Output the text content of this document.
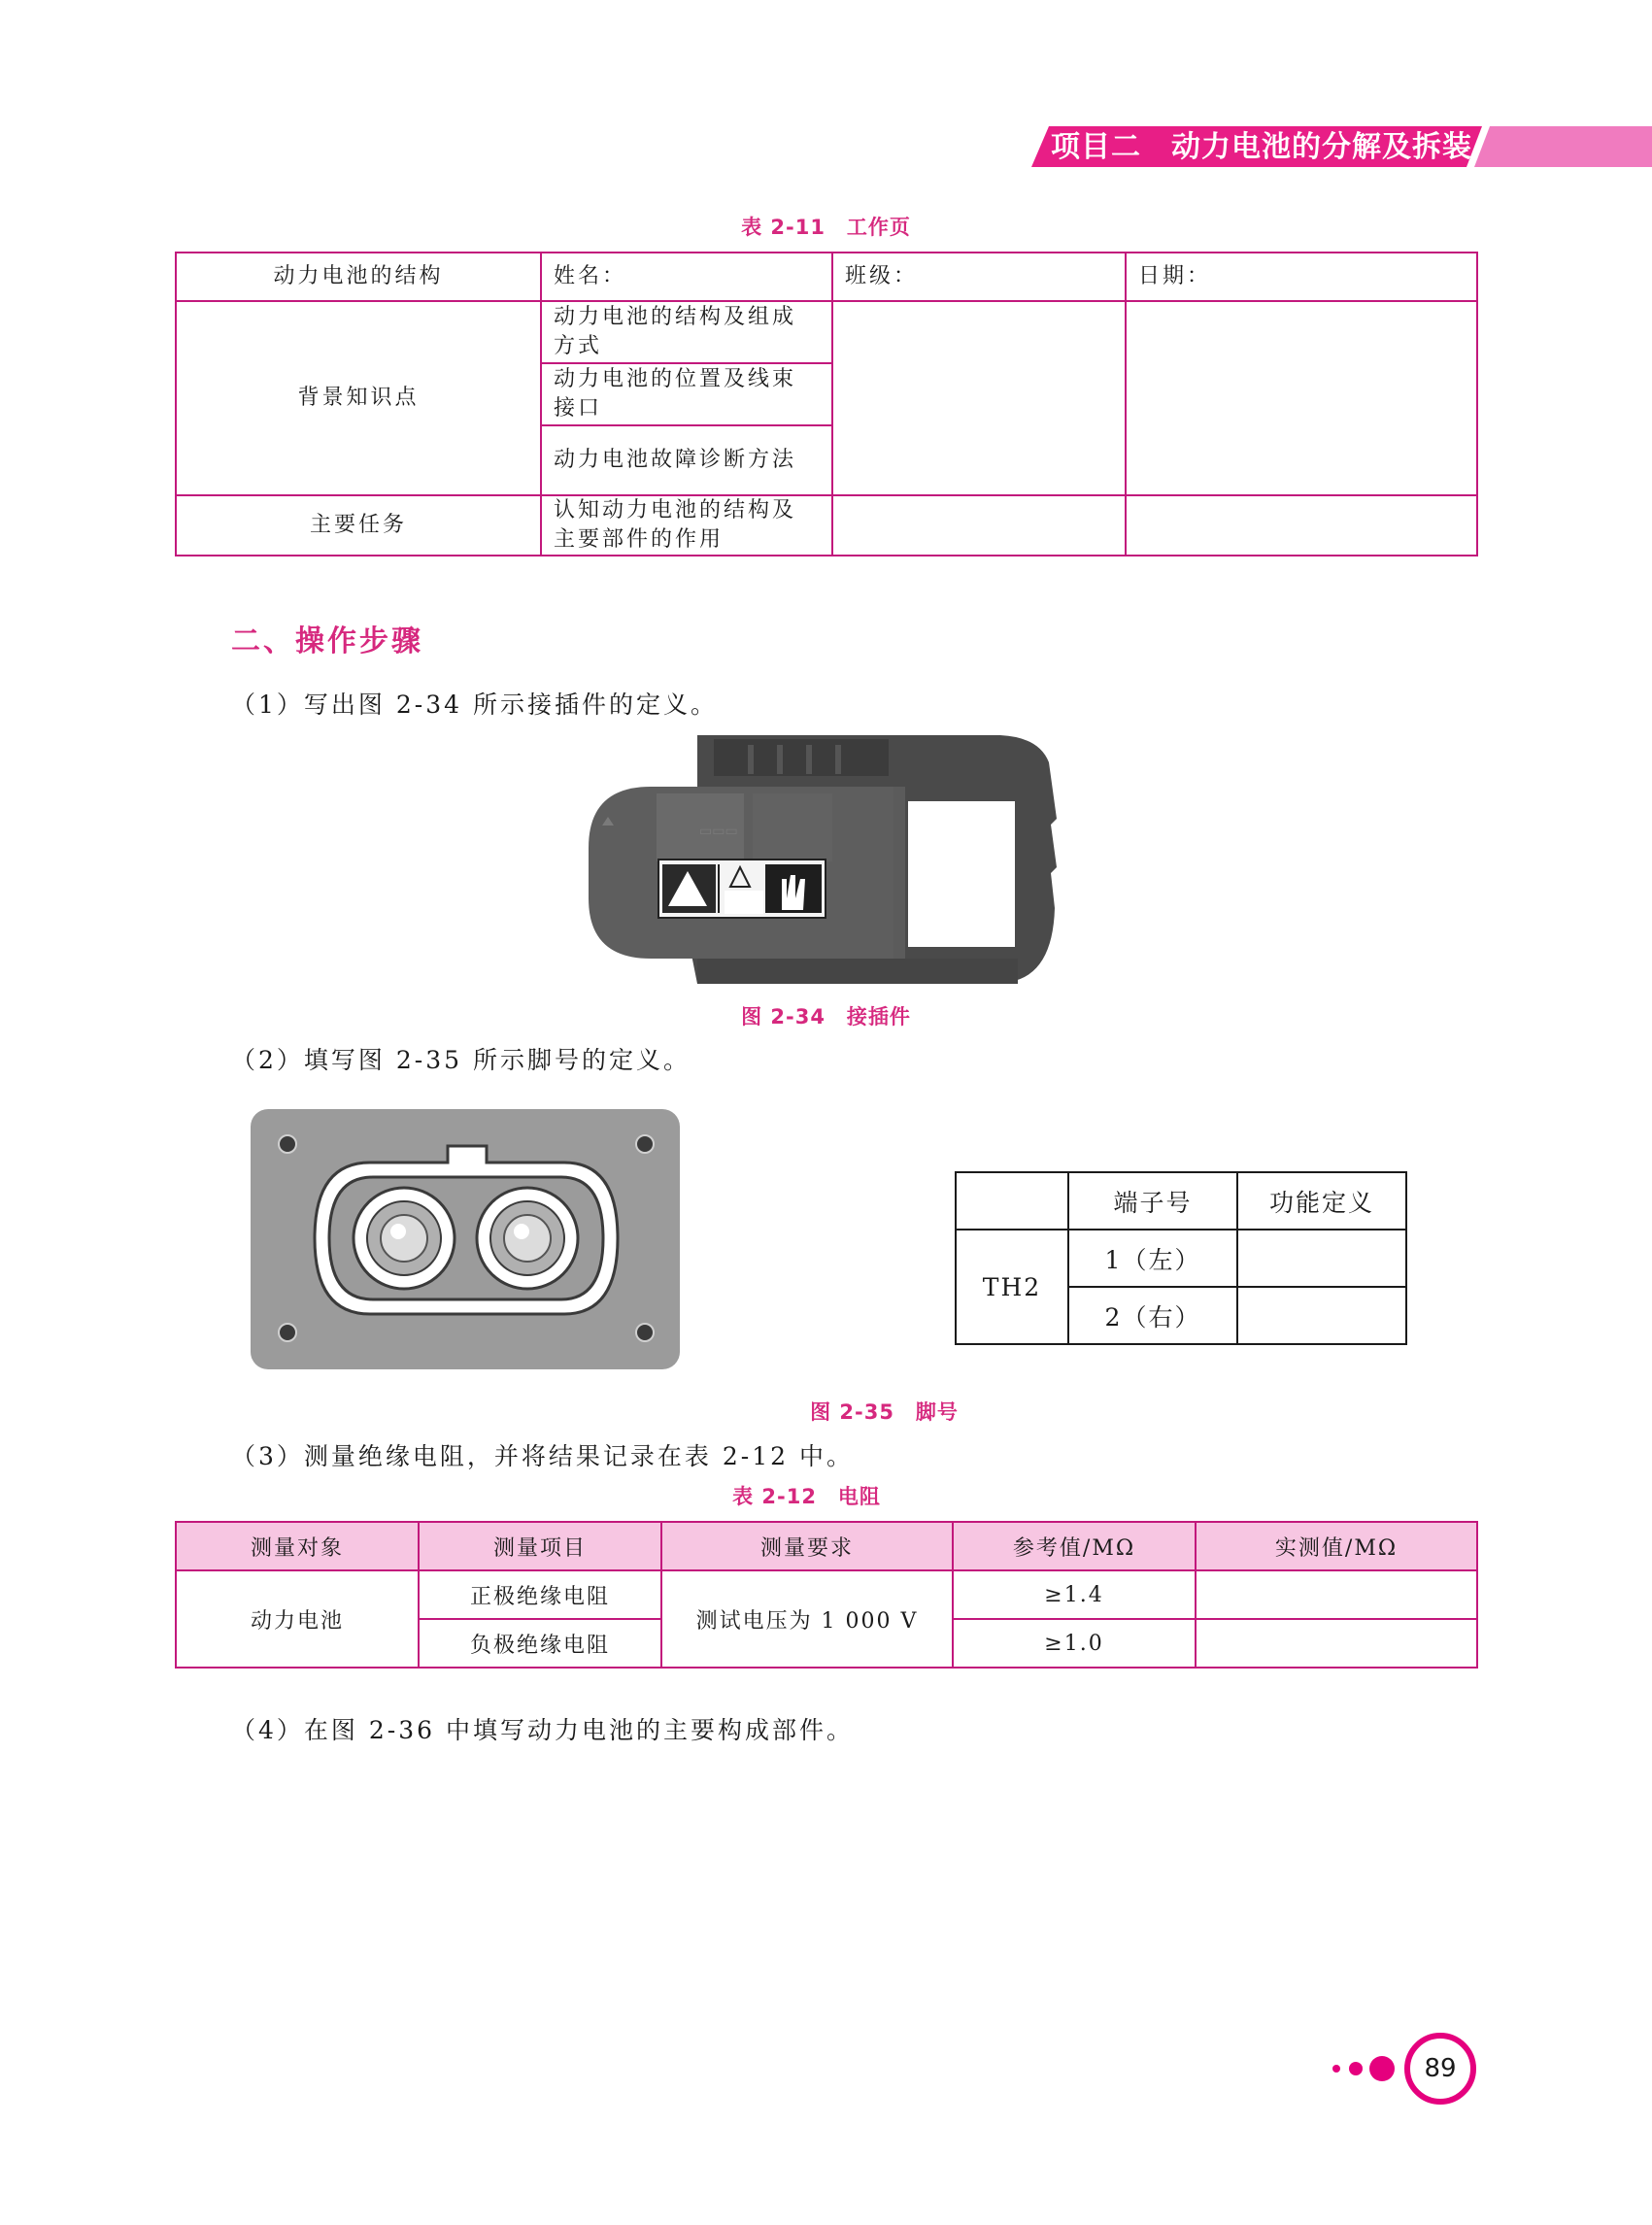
项目二　动力电池的分解及拆装
表 2-11　工作页
动力电池的结构	姓名：	班级：	日期：
背景知识点	动力电池的结构及组成方式		
	动力电池的位置及线束接口		
	动力电池故障诊断方法		
主要任务	认知动力电池的结构及主要部件的作用		
二、操作步骤
（1）写出图 2-34 所示接插件的定义。
▭▭▭
图 2-34　接插件
（2）填写图 2-35 所示脚号的定义。
	端子号	功能定义
TH2	1（左）	
	2（右）	
图 2-35　脚号
（3）测量绝缘电阻，并将结果记录在表 2-12 中。
表 2-12　电阻
测量对象	测量项目	测量要求	参考值/MΩ	实测值/MΩ
动力电池	正极绝缘电阻	测试电压为 1 000 V	≥1.4	
	负极绝缘电阻		≥1.0	
（4）在图 2-36 中填写动力电池的主要构成部件。
89
